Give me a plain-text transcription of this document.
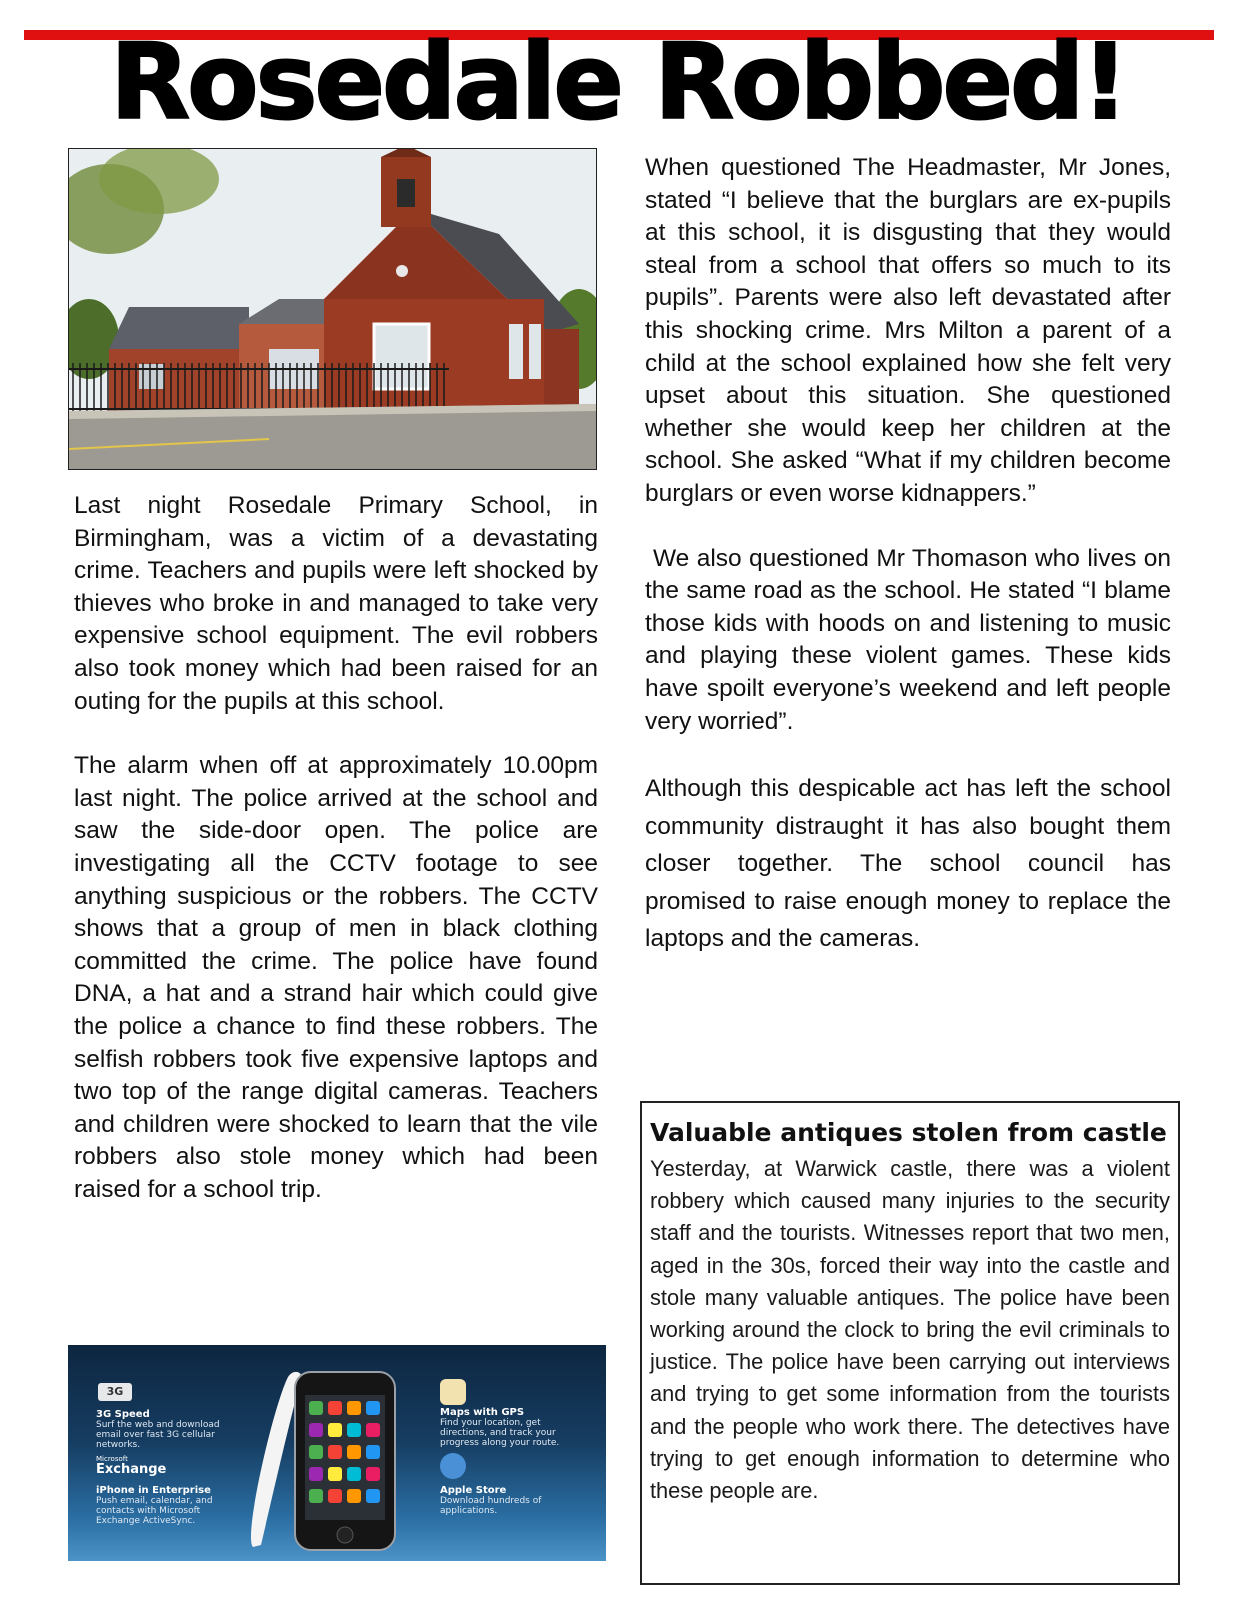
Rosedale Robbed!

Last night Rosedale Primary School, in Birmingham, was a victim of a devastating crime. Teachers and pupils were left shocked by thieves who broke in and managed to take very expensive school equipment. The evil robbers also took money which had been raised for an outing for the pupils at this school.

The alarm when off at approximately 10.00pm last night. The police arrived at the school and saw the side-door open. The police are investigating all the CCTV footage to see anything suspicious or the robbers. The CCTV shows that a group of men in black clothing committed the crime. The police have found DNA, a hat and a strand hair which could give the police a chance to find these robbers. The selfish robbers took five expensive laptops and two top of the range digital cameras. Teachers and children were shocked to learn that the vile robbers also stole money which had been raised for a school trip.

When questioned The Headmaster, Mr Jones, stated “I believe that the burglars are ex-pupils at this school, it is disgusting that they would steal from a school that offers so much to its pupils”. Parents were also left devastated after this shocking crime. Mrs Milton a parent of a child at the school explained how she felt very upset about this situation. She questioned whether she would keep her children at the school. She asked “What if my children become burglars or even worse kidnappers.”

We also questioned Mr Thomason who lives on the same road as the school. He stated “I blame those kids with hoods on and listening to music and playing these violent games. These kids have spoilt everyone’s weekend and left people very worried”.

Although this despicable act has left the school community distraught it has also bought them closer together. The school council has promised to raise enough money to replace the laptops and the cameras.

Valuable antiques stolen from castle

Yesterday, at Warwick castle, there was a violent robbery which caused many injuries to the security staff and the tourists. Witnesses report that two men, aged in the 30s, forced their way into the castle and stole many valuable antiques. The police have been working around the clock to bring the evil criminals to justice. The police have been carrying out interviews and trying to get some information from the tourists and the people who work there. The detectives have trying to get enough information to determine who these people are.

3G
3G Speed
Surf the web and download email over fast 3G cellular networks.
Microsoft
Exchange
iPhone in Enterprise
Push email, calendar, and contacts with Microsoft Exchange ActiveSync.
Maps with GPS
Find your location, get directions, and track your progress along your route.
Apple Store
Download hundreds of applications.
